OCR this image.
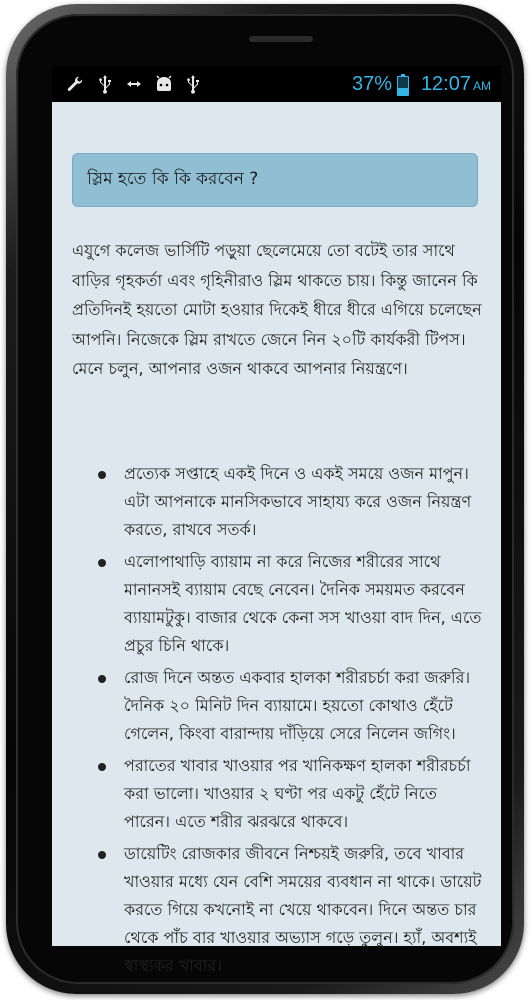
37% 12:07 AM
স্লিম হতে কি কি করবেন ?

এযুগে কলেজ ভার্সিটি পড়ুয়া ছেলেমেয়ে তো বটেই তার সাথে বাড়ির গৃহকর্তা এবং গৃহিনীরাও স্লিম থাকতে চায়। কিন্তু জানেন কি প্রতিদিনই হয়তো মোটা হওয়ার দিকেই ধীরে ধীরে এগিয়ে চলেছেন আপনি। নিজেকে স্লিম রাখতে জেনে নিন ২০টি কার্যকরী টিপস। মেনে চলুন, আপনার ওজন থাকবে আপনার নিয়ন্ত্রণে।

প্রত্যেক সপ্তাহে একই দিনে ও একই সময়ে ওজন মাপুন। এটা আপনাকে মানসিকভাবে সাহায্য করে ওজন নিয়ন্ত্রণ করতে, রাখবে সতর্ক।
এলোপাথাড়ি ব্যায়াম না করে নিজের শরীরের সাথে মানানসই ব্যায়াম বেছে নেবেন। দৈনিক সময়মত করবেন ব্যায়ামটুকু। বাজার থেকে কেনা সস খাওয়া বাদ দিন, এতে প্রচুর চিনি থাকে।
রোজ দিনে অন্তত একবার হালকা শরীরচর্চা করা জরুরি। দৈনিক ২০ মিনিট দিন ব্যায়ামে। হয়তো কোথাও হেঁটে গেলেন, কিংবা বারান্দায় দাঁড়িয়ে সেরে নিলেন জগিং।
পরাতের খাবার খাওয়ার পর খানিকক্ষণ হালকা শরীরচর্চা করা ভালো। খাওয়ার ২ ঘণ্টা পর একটু হেঁটে নিতে পারেন। এতে শরীর ঝরঝরে থাকবে।
ডায়েটিং রোজকার জীবনে নিশ্চয়ই জরুরি, তবে খাবার খাওয়ার মধ্যে যেন বেশি সময়ের ব্যবধান না থাকে। ডায়েট করতে গিয়ে কখনোই না খেয়ে থাকবেন। দিনে অন্তত চার থেকে পাঁচ বার খাওয়ার অভ্যাস গড়ে তুলুন। হ্যাঁ, অবশ্যই স্বাস্থ্যকর খাবার।
